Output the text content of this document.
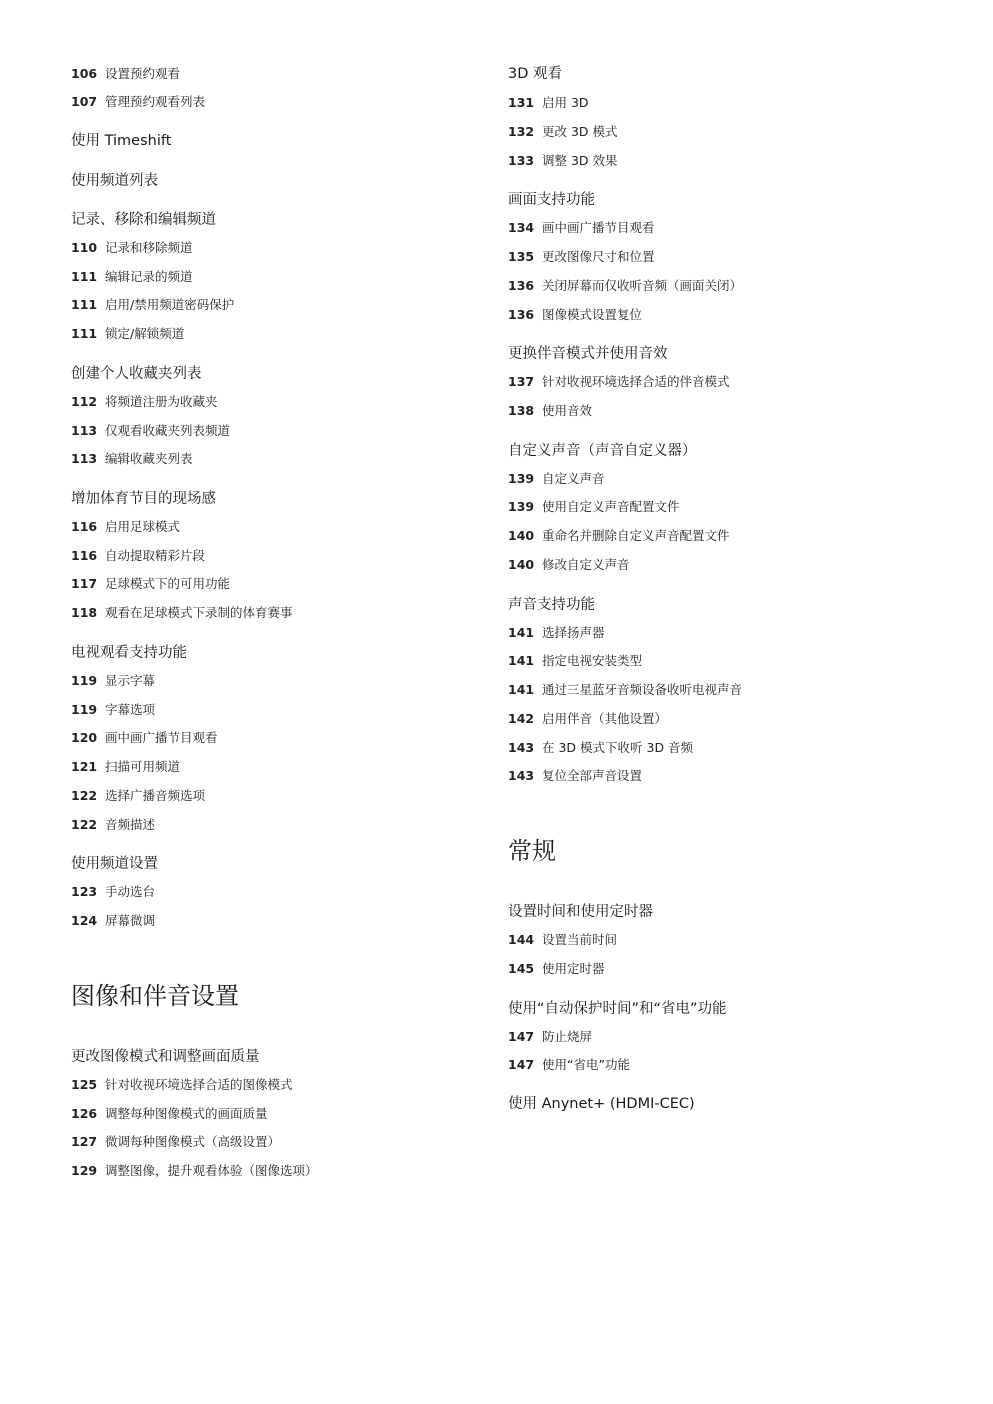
106 设置预约观看
107 管理预约观看列表
使用 Timeshift
使用频道列表
记录、移除和编辑频道
110 记录和移除频道
111 编辑记录的频道
111 启用/禁用频道密码保护
111 锁定/解锁频道
创建个人收藏夹列表
112 将频道注册为收藏夹
113 仅观看收藏夹列表频道
113 编辑收藏夹列表
增加体育节目的现场感
116 启用足球模式
116 自动提取精彩片段
117 足球模式下的可用功能
118 观看在足球模式下录制的体育赛事
电视观看支持功能
119 显示字幕
119 字幕选项
120 画中画广播节目观看
121 扫描可用频道
122 选择广播音频选项
122 音频描述
使用频道设置
123 手动选台
124 屏幕微调
图像和伴音设置
更改图像模式和调整画面质量
125 针对收视环境选择合适的图像模式
126 调整每种图像模式的画面质量
127 微调每种图像模式（高级设置）
129 调整图像，提升观看体验（图像选项）
3D 观看
131 启用 3D
132 更改 3D 模式
133 调整 3D 效果
画面支持功能
134 画中画广播节目观看
135 更改图像尺寸和位置
136 关闭屏幕而仅收听音频（画面关闭）
136 图像模式设置复位
更换伴音模式并使用音效
137 针对收视环境选择合适的伴音模式
138 使用音效
自定义声音（声音自定义器）
139 自定义声音
139 使用自定义声音配置文件
140 重命名并删除自定义声音配置文件
140 修改自定义声音
声音支持功能
141 选择扬声器
141 指定电视安装类型
141 通过三星蓝牙音频设备收听电视声音
142 启用伴音（其他设置）
143 在 3D 模式下收听 3D 音频
143 复位全部声音设置
常规
设置时间和使用定时器
144 设置当前时间
145 使用定时器
使用“自动保护时间”和“省电”功能
147 防止烧屏
147 使用“省电”功能
使用 Anynet+ (HDMI-CEC)
